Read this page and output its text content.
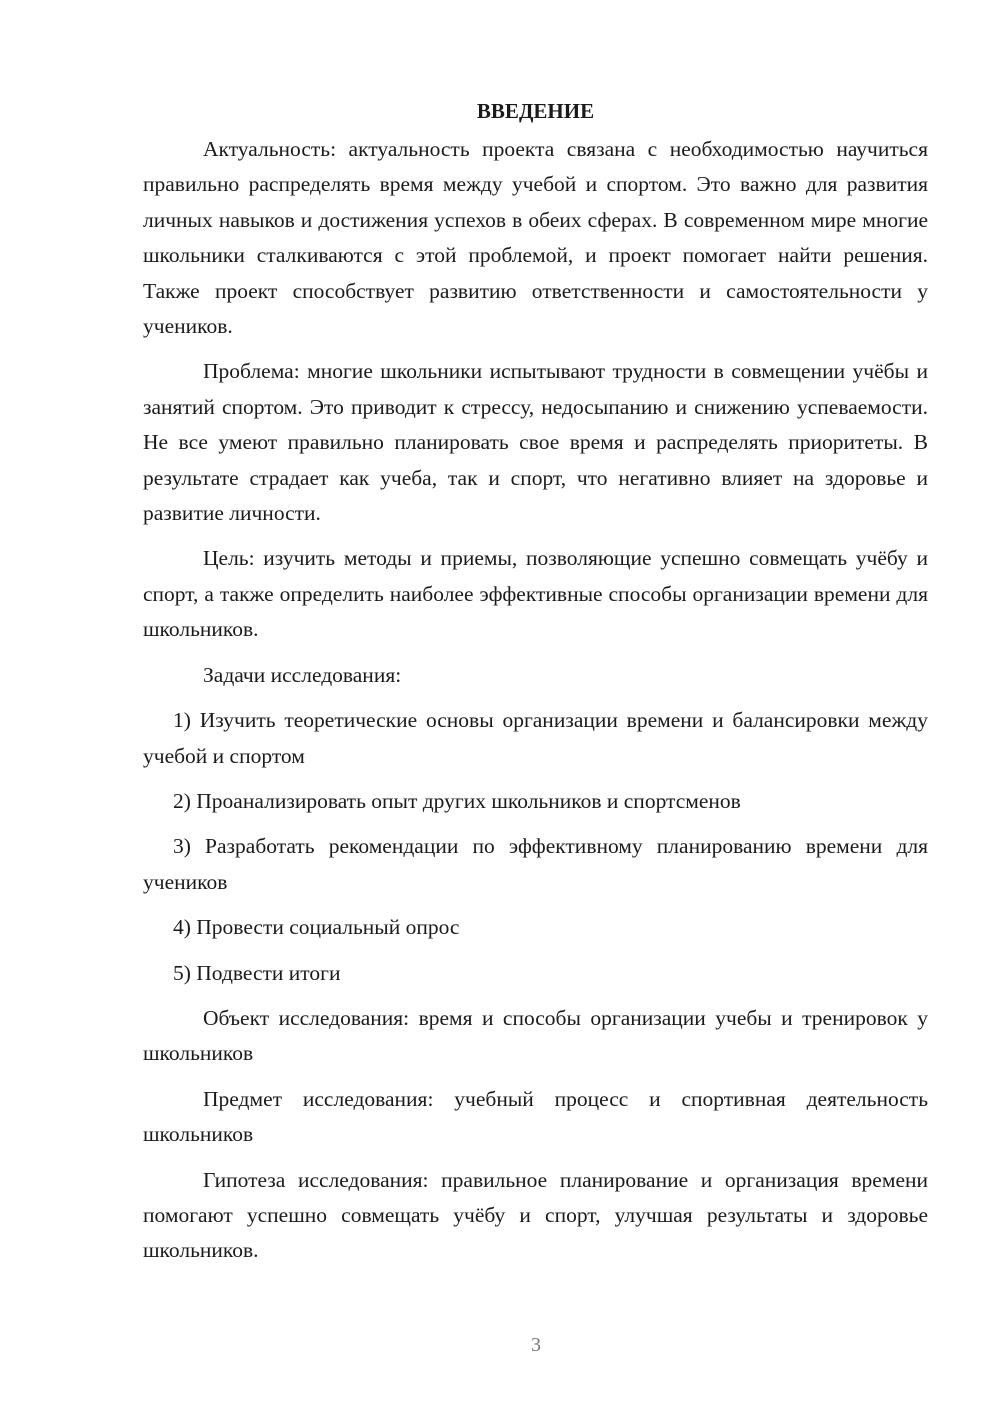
ВВЕДЕНИЕ

Актуальность: актуальность проекта связана с необходимостью научиться правильно распределять время между учебой и спортом. Это важно для развития личных навыков и достижения успехов в обеих сферах. В современном мире многие школьники сталкиваются с этой проблемой, и проект помогает найти решения. Также проект способствует развитию ответственности и самостоятельности у учеников.

Проблема: многие школьники испытывают трудности в совмещении учёбы и занятий спортом. Это приводит к стрессу, недосыпанию и снижению успеваемости. Не все умеют правильно планировать свое время и распределять приоритеты. В результате страдает как учеба, так и спорт, что негативно влияет на здоровье и развитие личности.

Цель: изучить методы и приемы, позволяющие успешно совмещать учёбу и спорт, а также определить наиболее эффективные способы организации времени для школьников.

Задачи исследования:

1) Изучить теоретические основы организации времени и балансировки между учебой и спортом

2) Проанализировать опыт других школьников и спортсменов

3) Разработать рекомендации по эффективному планированию времени для учеников

4) Провести социальный опрос

5) Подвести итоги

Объект исследования: время и способы организации учебы и тренировок у школьников

Предмет исследования: учебный процесс и спортивная деятельность школьников

Гипотеза исследования: правильное планирование и организация времени помогают успешно совмещать учёбу и спорт, улучшая результаты и здоровье школьников.

3
